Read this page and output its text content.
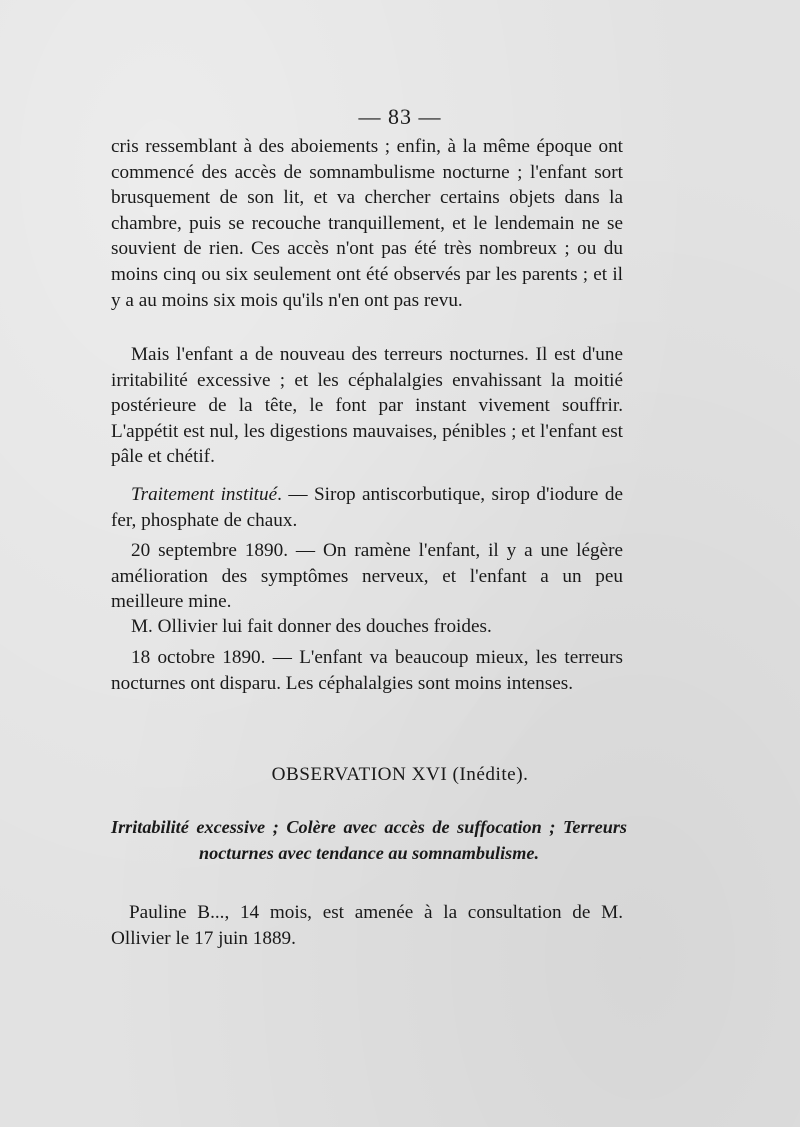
— 83 —

cris ressemblant à des aboiements ; enfin, à la même époque ont commencé des accès de somnambulisme nocturne ; l'enfant sort brusquement de son lit, et va chercher certains objets dans la chambre, puis se recouche tranquillement, et le lendemain ne se souvient de rien. Ces accès n'ont pas été très nombreux ; ou du moins cinq ou six seulement ont été observés par les parents ; et il y a au moins six mois qu'ils n'en ont pas revu.

Mais l'enfant a de nouveau des terreurs nocturnes. Il est d'une irritabilité excessive ; et les céphalalgies envahissant la moitié postérieure de la tête, le font par instant vivement souffrir. L'appétit est nul, les digestions mauvaises, pénibles ; et l'enfant est pâle et chétif.

Traitement institué. — Sirop antiscorbutique, sirop d'iodure de fer, phosphate de chaux.

20 septembre 1890. — On ramène l'enfant, il y a une légère amélioration des symptômes nerveux, et l'enfant a un peu meilleure mine.

M. Ollivier lui fait donner des douches froides.

18 octobre 1890. — L'enfant va beaucoup mieux, les terreurs nocturnes ont disparu. Les céphalalgies sont moins intenses.

OBSERVATION XVI (Inédite).
Irritabilité excessive ; Colère avec accès de suffocation ; Terreurs nocturnes avec tendance au somnambulisme.
Pauline B..., 14 mois, est amenée à la consultation de M. Ollivier le 17 juin 1889.
